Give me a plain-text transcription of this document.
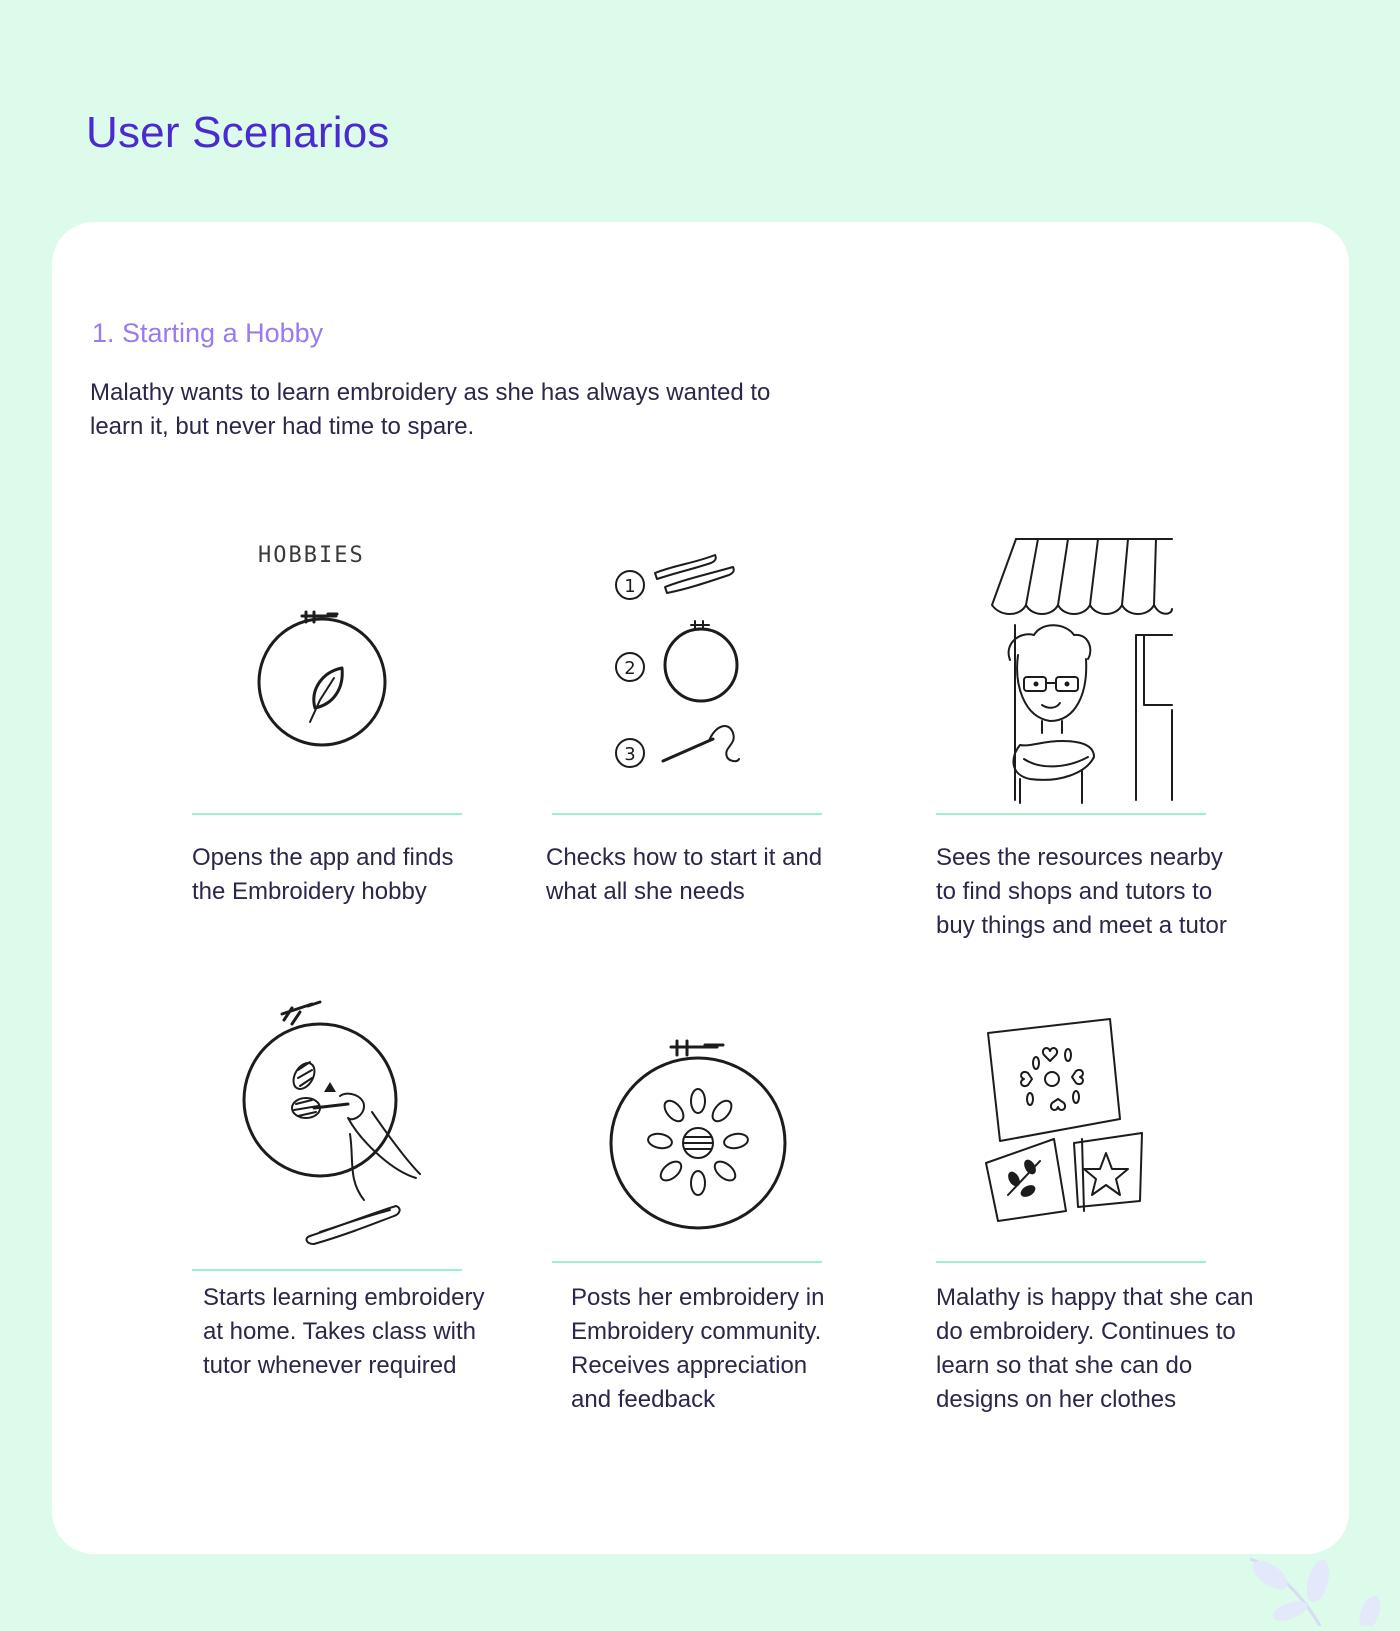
User Scenarios
1. Starting a Hobby

Malathy wants to learn embroidery as she has always wanted to learn it, but never had time to spare.

HOBBIES
1
2
3

Opens the app and finds the Embroidery hobby

Checks how to start it and what all she needs

Sees the resources nearby to find shops and tutors to buy things and meet a tutor

Starts learning embroidery at home. Takes class with tutor whenever required

Posts her embroidery in Embroidery community. Receives appreciation and feedback

Malathy is happy that she can do embroidery. Continues to learn so that she can do designs on her clothes
